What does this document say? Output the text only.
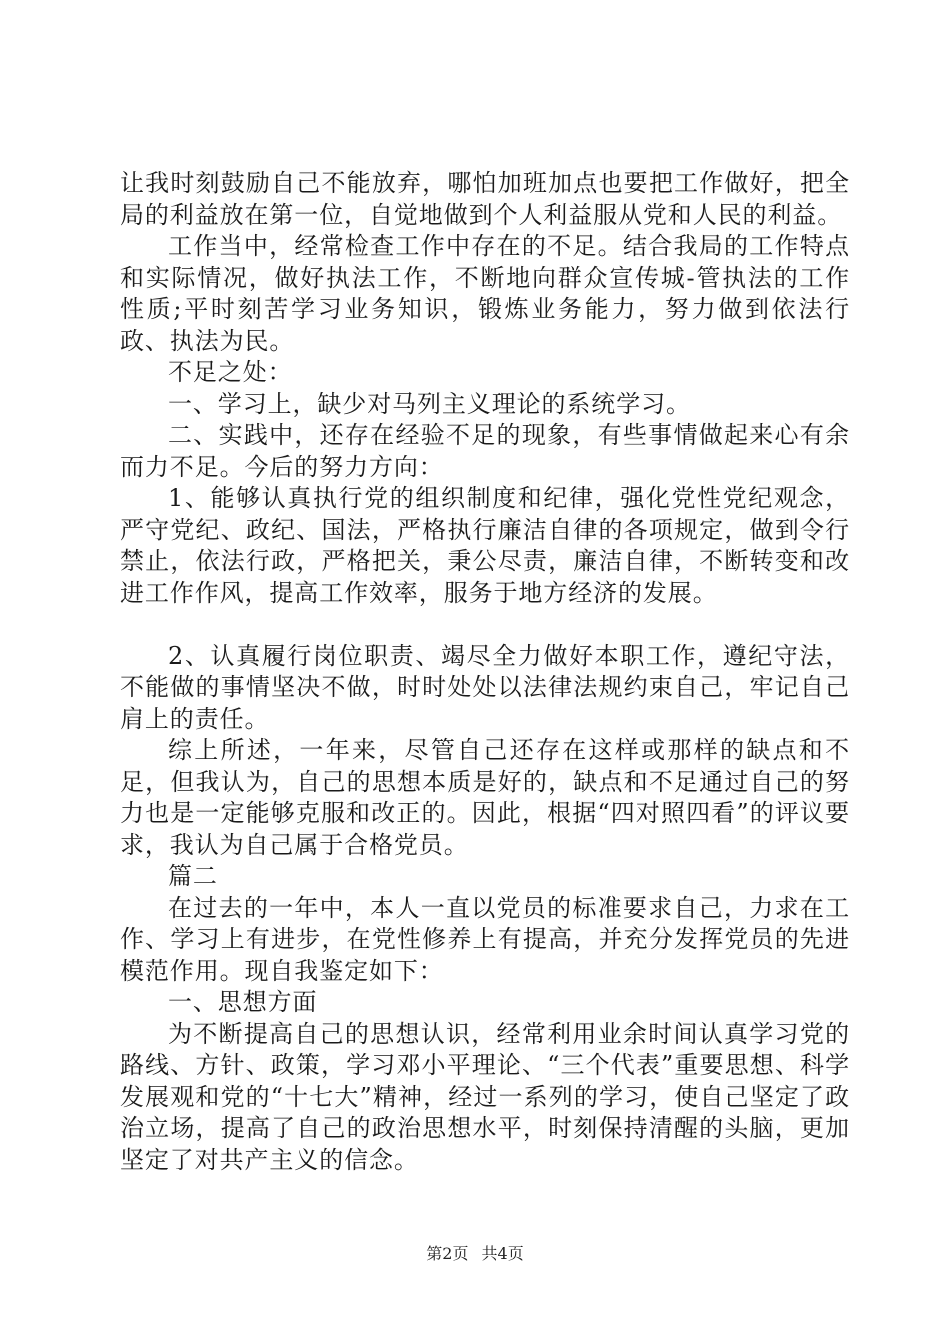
让我时刻鼓励自己不能放弃，哪怕加班加点也要把工作做好，把全局的利益放在第一位，自觉地做到个人利益服从党和人民的利益。

工作当中，经常检查工作中存在的不足。结合我局的工作特点和实际情况，做好执法工作，不断地向群众宣传城-管执法的工作性质;平时刻苦学习业务知识，锻炼业务能力，努力做到依法行政、执法为民。

不足之处：

一、学习上，缺少对马列主义理论的系统学习。

二、实践中，还存在经验不足的现象，有些事情做起来心有余而力不足。今后的努力方向：

1、能够认真执行党的组织制度和纪律，强化党性党纪观念，严守党纪、政纪、国法，严格执行廉洁自律的各项规定，做到令行禁止，依法行政，严格把关，秉公尽责，廉洁自律，不断转变和改进工作作风，提高工作效率，服务于地方经济的发展。

2、认真履行岗位职责、竭尽全力做好本职工作，遵纪守法，不能做的事情坚决不做，时时处处以法律法规约束自己，牢记自己肩上的责任。

综上所述，一年来，尽管自己还存在这样或那样的缺点和不足，但我认为，自己的思想本质是好的，缺点和不足通过自己的努力也是一定能够克服和改正的。因此，根据“四对照四看”的评议要求，我认为自己属于合格党员。

篇二

在过去的一年中，本人一直以党员的标准要求自己，力求在工作、学习上有进步，在党性修养上有提高，并充分发挥党员的先进模范作用。现自我鉴定如下：

一、思想方面

为不断提高自己的思想认识，经常利用业余时间认真学习党的路线、方针、政策，学习邓小平理论、“三个代表”重要思想、科学发展观和党的“十七大”精神，经过一系列的学习，使自己坚定了政治立场，提高了自己的政治思想水平，时刻保持清醒的头脑，更加坚定了对共产主义的信念。

第2页 共4页
